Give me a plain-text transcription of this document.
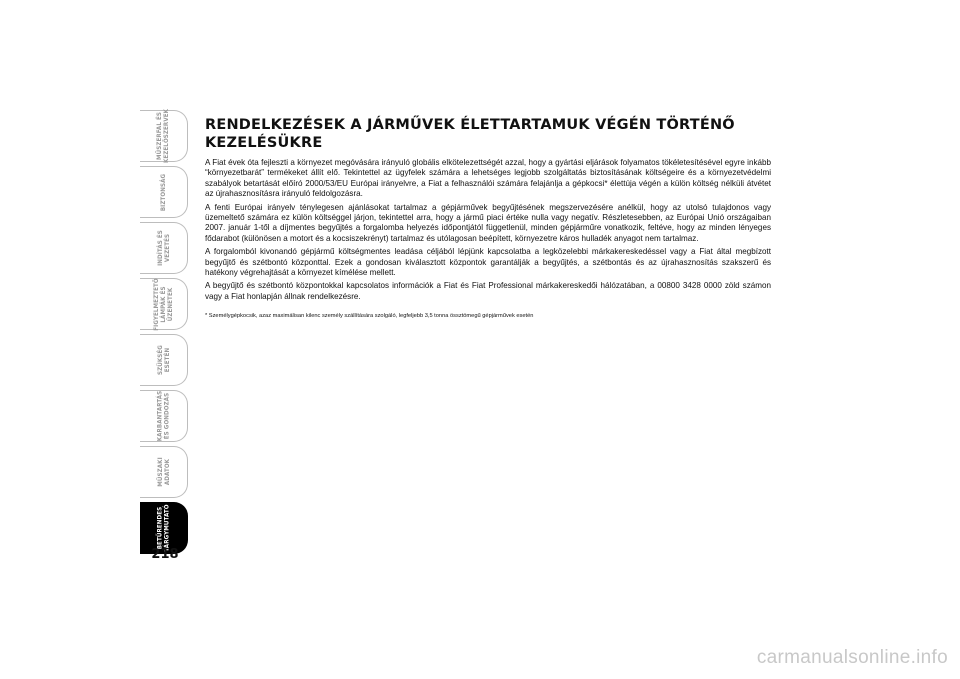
MŰSZERFAL ÉS
KEZELŐSZERVEK
BIZTONSÁG
INDÍTÁS ÉS
VEZETÉS
FIGYELMEZTETŐ
LÁMPÁK ÉS
ÜZENETEK
SZÜKSÉG
ESETÉN
KARBANTARTÁS
ÉS GONDOZÁS
MŰSZAKI
ADATOK
BETŰRENDES
TÁRGYMUTATÓ
218
RENDELKEZÉSEK A JÁRMŰVEK ÉLETTARTAMUK VÉGÉN TÖRTÉNŐ KEZELÉSÜKRE

A Fiat évek óta fejleszti a környezet megóvására irányuló globális elkötelezettségét azzal, hogy a gyártási eljárások folyamatos tökéletesítésével egyre inkább “környezetbarát” termékeket állít elő. Tekintettel az ügyfelek számára a lehetséges legjobb szolgáltatás biztosításának költségeire és a környezetvédelmi szabályok betartását előíró 2000/53/EU Európai irányelvre, a Fiat a felhasználói számára felajánlja a gépkocsi* élettúja végén a külön költség nélküli átvétet az újrahasznosításra irányuló feldolgozásra.

A fenti Európai irányelv ténylegesen ajánlásokat tartalmaz a gépjárművek begyűjtésének megszervezésére anélkül, hogy az utolsó tulajdonos vagy üzemeltető számára ez külön költséggel járjon, tekintettel arra, hogy a jármű piaci értéke nulla vagy negatív. Részletesebben, az Európai Unió országaiban 2007. január 1-től a díjmentes begyűjtés a forgalomba helyezés időpontjától függetlenül, minden gépjárműre vonatkozik, feltéve, hogy az minden lényeges fődarabot (különösen a motort és a kocsiszekrényt) tartalmaz és utólagosan beépített, környezetre káros hulladék anyagot nem tartalmaz.

A forgalomból kivonandó gépjármű költségmentes leadása céljából lépjünk kapcsolatba a legközelebbi márkakereskedéssel vagy a Fiat által megbízott begyűjtő és szétbontó központtal. Ezek a gondosan kiválasztott központok garantálják a begyűjtés, a szétbontás és az újrahasznosítás szakszerű és hatékony végrehajtását a környezet kímélése mellett.

A begyűjtő és szétbontó központokkal kapcsolatos információk a Fiat és Fiat Professional márkakereskedői hálózatában, a 00800 3428 0000 zöld számon vagy a Fiat honlapján állnak rendelkezésre.

* Személygépkocsik, azaz maximálisan kilenc személy szállítására szolgáló, legfeljebb 3,5 tonna össztömegű gépjárművek esetén

carmanualsonline.info
